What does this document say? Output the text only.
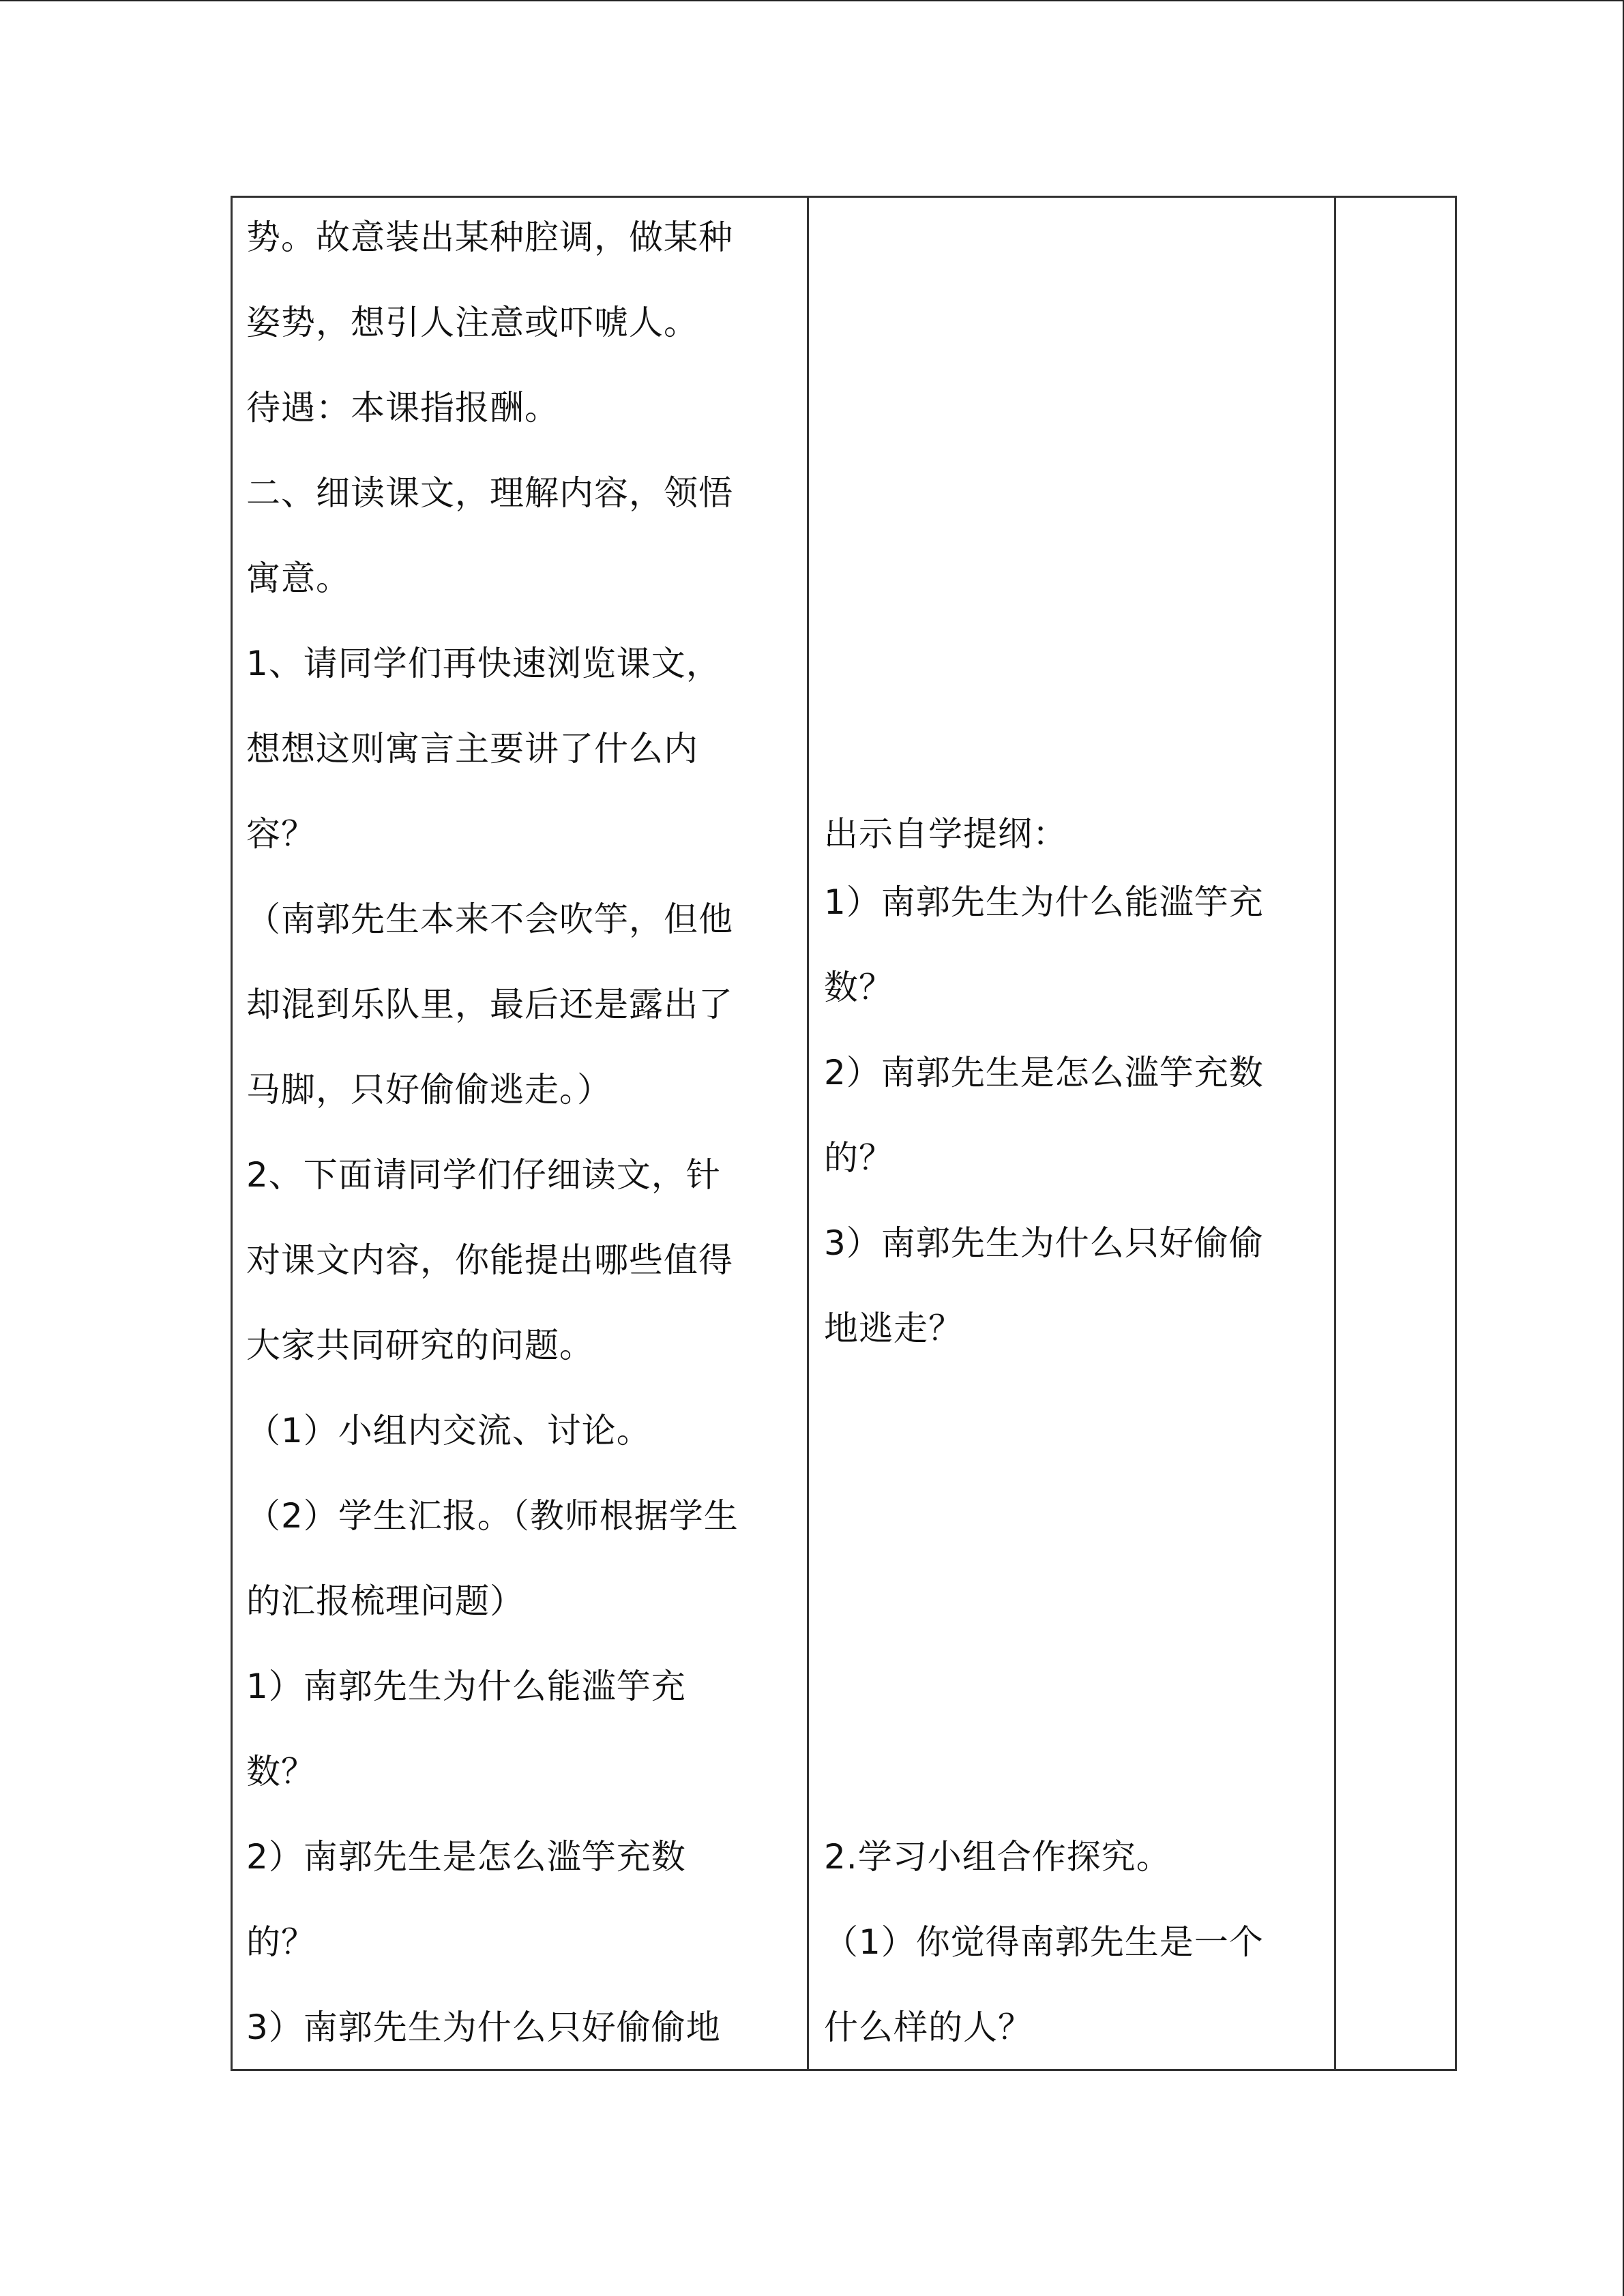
势。故意装出某种腔调，做某种
姿势，想引人注意或吓唬人。
待遇：本课指报酬。
二、细读课文，理解内容，领悟
寓意。
1、请同学们再快速浏览课文，
想想这则寓言主要讲了什么内
容？
（南郭先生本来不会吹竽，但他
却混到乐队里，最后还是露出了
马脚，只好偷偷逃走。）
2、下面请同学们仔细读文，针
对课文内容，你能提出哪些值得
大家共同研究的问题。
（1）小组内交流、讨论。
（2）学生汇报。（教师根据学生
的汇报梳理问题）
1）南郭先生为什么能滥竽充
数？
2）南郭先生是怎么滥竽充数
的？
3）南郭先生为什么只好偷偷地
出示自学提纲：
1）南郭先生为什么能滥竽充
数？
2）南郭先生是怎么滥竽充数
的？
3）南郭先生为什么只好偷偷
地逃走？
2.学习小组合作探究。
（1）你觉得南郭先生是一个
什么样的人？
